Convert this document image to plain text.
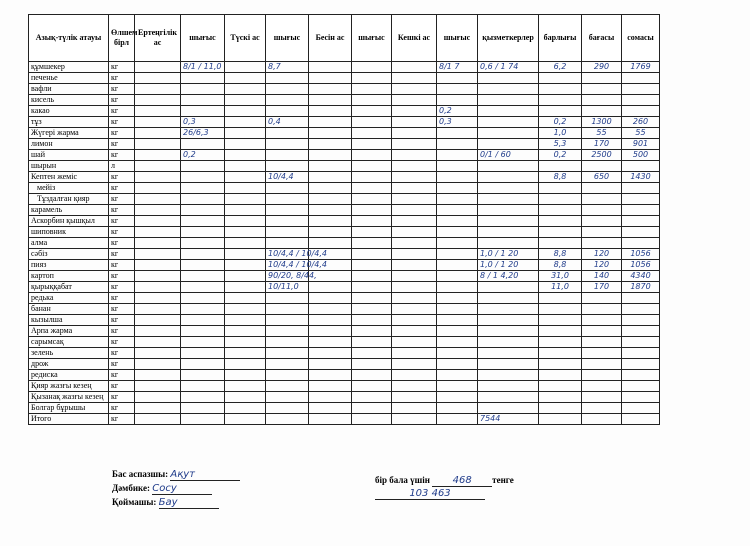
Азық-түлік атауы	Өлшем бірл	Ертеңгілік ас	шығыс	Түскі ас	шығыс	Бесін ас	шығыс	Кешкі ас	шығыс	қызметкерлер	барлығы	бағасы	сомасы
құмшекер	кг		8/1 / 11,0		8,7				8/1 7	0,6 / 1 74	6,2	290	1769
печенье	кг												
вафли	кг												
кисель	кг												
какао	кг								0,2				
тұз	кг		0,3		0,4				0,3		0,2	1300	260
Жүгері жарма	кг		26/6,3								1,0	55	55
лимон	кг										5,3	170	901
шай	кг		0,2							0/1 / 60	0,2	2500	500
шырын	л												
Кептен жеміс	кг				10/4,4						8,8	650	1430
мейіз	кг												
Тұздалған қияр	кг												
карамель	кг												
Аскорбин қышқыл	кг												
шиповник	кг												
алма	кг												
сәбіз	кг				10/4,4 / 10/4,4					1,0 / 1 20	8,8	120	1056
пияз	кг				10/4,4 / 10/4,4					1,0 / 1 20	8,8	120	1056
картоп	кг				90/20, 8/44,					8 / 1 4,20	31,0	140	4340
қырыққабат	кг				10/11,0						11,0	170	1870
редька	кг												
банан	кг												
кызылша	кг												
Арпа жарма	кг												
сарымсақ	кг												
зелень	кг												
дрож	кг												
редиска	кг												
Қияр жазғы кезең	кг												
Қызанақ жазғы кезең	кг												
Болгар бұрышы	кг												
Итого	кг									7544			
Бас аспазшы: Ақут
Дәмбике: Сосу
Қоймашы: Бау
бір бала үшін 468 тенге
103 463
